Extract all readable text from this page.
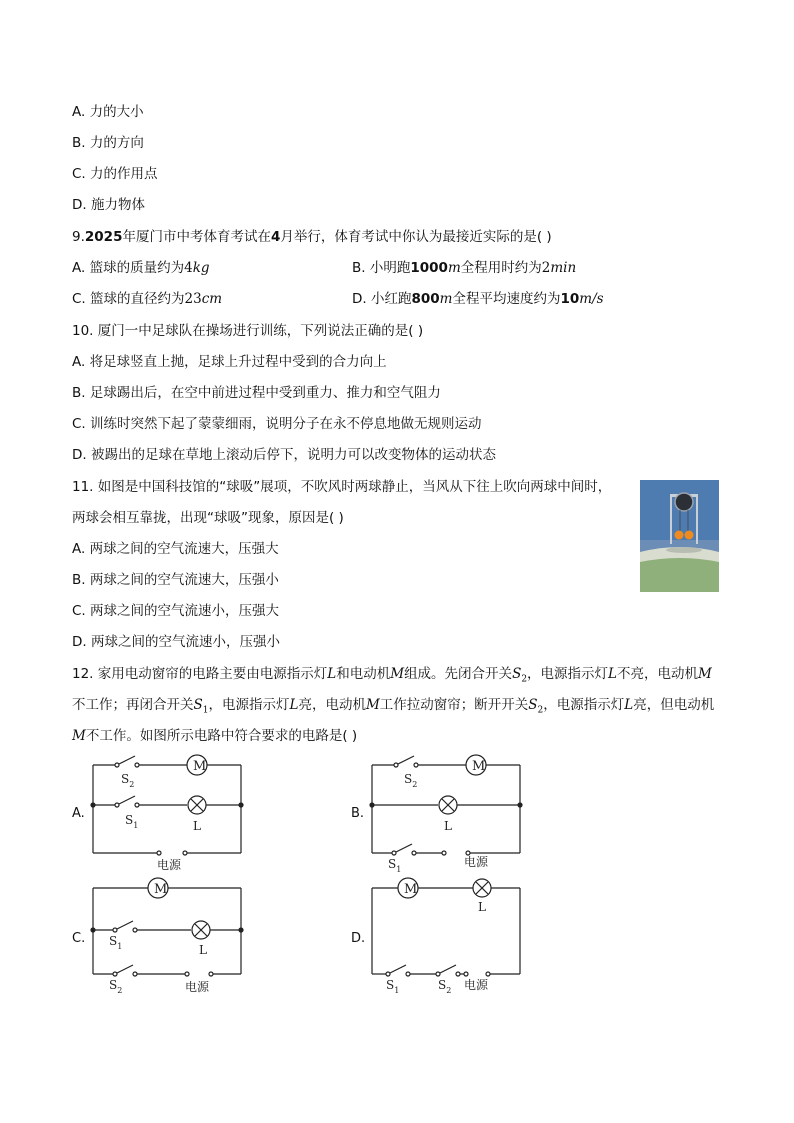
A. 力的大小
B. 力的方向
C. 力的作用点
D. 施力物体
9.2025年厦门市中考体育考试在4月举行，体育考试中你认为最接近实际的是( )
A. 篮球的质量约为4kg	B. 小明跑1000m全程用时约为2min
C. 篮球的直径约为23cm	D. 小红跑800m全程平均速度约为10m/s
10. 厦门一中足球队在操场进行训练，下列说法正确的是( )
A. 将足球竖直上抛，足球上升过程中受到的合力向上
B. 足球踢出后，在空中前进过程中受到重力、推力和空气阻力
C. 训练时突然下起了蒙蒙细雨，说明分子在永不停息地做无规则运动
D. 被踢出的足球在草地上滚动后停下，说明力可以改变物体的运动状态
11. 如图是中国科技馆的“球吸”展项，不吹风时两球静止，当风从下往上吹向两球中间时，
两球会相互靠拢，出现“球吸”现象，原因是( )
A. 两球之间的空气流速大，压强大
B. 两球之间的空气流速大，压强小
C. 两球之间的空气流速小，压强大
D. 两球之间的空气流速小，压强小
12. 家用电动窗帘的电路主要由电源指示灯L和电动机M组成。先闭合开关$S_2$，电源指示灯L不亮，电动机M
不工作；再闭合开关$S_1$，电源指示灯L亮，电动机M工作拉动窗帘；断开开关$S_2$，电源指示灯L亮，但电动机
M不工作。如图所示电路中符合要求的电路是( )
A.	B.
C.	D.
M
$S_2$
$S_1$	L
电源
M
$S_2$
L
$S_1$
电源
M
$S_1$	L
$S_2$	电源
M
L
$S_1$	$S_2$ 电源
